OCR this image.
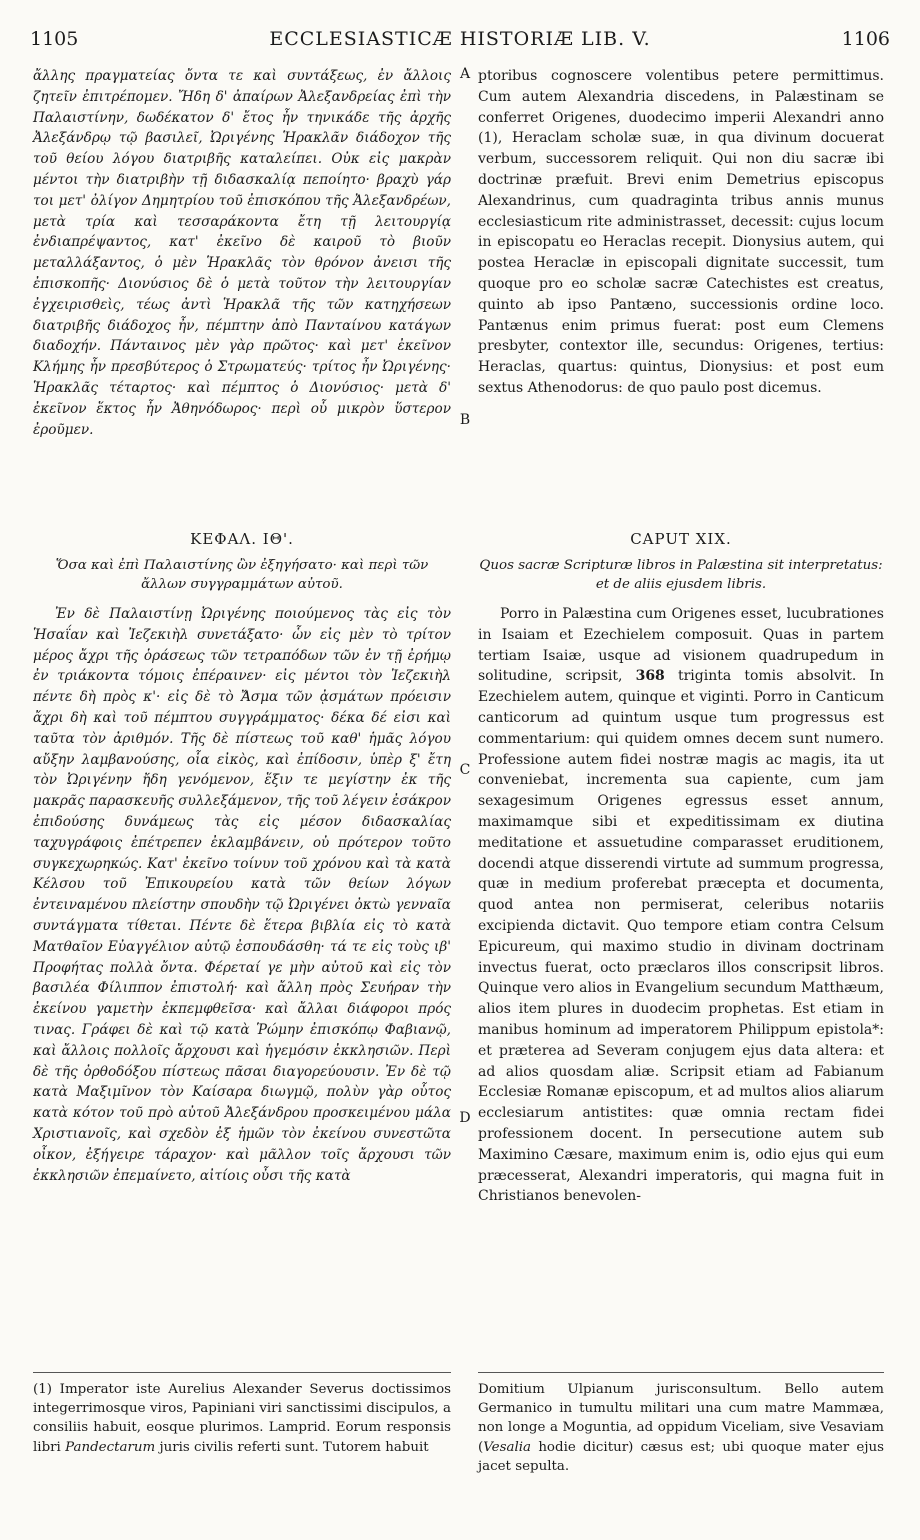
1105	ECCLESIASTICÆ HISTORIÆ LIB. V.	1106

ἄλλης πραγματείας ὄντα τε καὶ συντάξεως, ἐν ἄλλοις ζητεῖν ἐπιτρέπομεν. Ἤδη δ' ἀπαίρων Ἀλεξανδρείας ἐπὶ τὴν Παλαιστίνην, δωδέκατον δ' ἔτος ἦν τηνικάδε τῆς ἀρχῆς Ἀλεξάνδρῳ τῷ βασιλεῖ, Ὠριγένης Ἡρακλᾶν διάδοχον τῆς τοῦ θείου λόγου διατριβῆς καταλείπει. Οὐκ εἰς μακρὰν μέντοι τὴν διατριβὴν τῇ διδασκαλίᾳ πεποίητο· βραχὺ γάρ τοι μετ' ὀλίγον Δημητρίου τοῦ ἐπισκόπου τῆς Ἀλεξανδρέων, μετὰ τρία καὶ τεσσαράκοντα ἔτη τῇ λειτουργίᾳ ἐνδιαπρέψαντος, κατ' ἐκεῖνο δὲ καιροῦ τὸ βιοῦν μεταλλάξαντος, ὁ μὲν Ἡρακλᾶς τὸν θρόνον ἀνεισι τῆς ἐπισκοπῆς· Διονύσιος δὲ ὁ μετὰ τοῦτον τὴν λειτουργίαν ἐγχειρισθεὶς, τέως ἀντὶ Ἡρακλᾶ τῆς τῶν κατηχήσεων διατριβῆς διάδοχος ἦν, πέμπτην ἀπὸ Πανταίνου κατάγων διαδοχήν. Πάνταινος μὲν γὰρ πρῶτος· καὶ μετ' ἐκεῖνον Κλήμης ἦν πρεσβύτερος ὁ Στρωματεύς· τρίτος ἦν Ὠριγένης· Ἡρακλᾶς τέταρτος· καὶ πέμπτος ὁ Διονύσιος· μετὰ δ' ἐκεῖνον ἕκτος ἦν Ἀθηνόδωρος· περὶ οὗ μικρὸν ὕστερον ἐροῦμεν.

ptoribus cognoscere volentibus petere permittimus. Cum autem Alexandria discedens, in Palæstinam se conferret Origenes, duodecimo imperii Alexandri anno (1), Heraclam scholæ suæ, in qua divinum docuerat verbum, successorem reliquit. Qui non diu sacræ ibi doctrinæ præfuit. Brevi enim Demetrius episcopus Alexandrinus, cum quadraginta tribus annis munus ecclesiasticum rite administrasset, decessit: cujus locum in episcopatu eo Heraclas recepit. Dionysius autem, qui postea Heraclæ in episcopali dignitate successit, tum quoque pro eo scholæ sacræ Catechistes est creatus, quinto ab ipso Pantæno, successionis ordine loco. Pantænus enim primus fuerat: post eum Clemens presbyter, contextor ille, secundus: Origenes, tertius: Heraclas, quartus: quintus, Dionysius: et post eum sextus Athenodorus: de quo paulo post dicemus.

A
B
C
D
ΚΕΦΑΛ. ΙΘ'.
Ὅσα καὶ ἐπὶ Παλαιστίνης ὢν ἐξηγήσατο· καὶ περὶ τῶν ἄλλων συγγραμμάτων αὐτοῦ.
CAPUT XIX.
Quos sacræ Scripturæ libros in Palæstina sit interpretatus: et de aliis ejusdem libris.

Ἐν δὲ Παλαιστίνῃ Ὠριγένης ποιούμενος τὰς εἰς τὸν Ἡσαΐαν καὶ Ἰεζεκιὴλ συνετάξατο· ὧν εἰς μὲν τὸ τρίτον μέρος ἄχρι τῆς ὁράσεως τῶν τετραπόδων τῶν ἐν τῇ ἐρήμῳ ἐν τριάκοντα τόμοις ἐπέραινεν· εἰς μέντοι τὸν Ἰεζεκιὴλ πέντε δὴ πρὸς κ'· εἰς δὲ τὸ Ἄσμα τῶν ᾀσμάτων πρόεισιν ἄχρι δὴ καὶ τοῦ πέμπτου συγγράμματος· δέκα δέ εἰσι καὶ ταῦτα τὸν ἀριθμόν. Τῆς δὲ πίστεως τοῦ καθ' ἡμᾶς λόγου αὔξην λαμβανούσης, οἷα εἰκὸς, καὶ ἐπίδοσιν, ὑπὲρ ξ' ἔτη τὸν Ὠριγένην ἤδη γενόμενον, ἕξιν τε μεγίστην ἐκ τῆς μακρᾶς παρασκευῆς συλλεξάμενον, τῆς τοῦ λέγειν ἐσάκρον ἐπιδούσης δυνάμεως τὰς εἰς μέσον διδασκαλίας ταχυγράφοις ἐπέτρεπεν ἐκλαμβάνειν, οὐ πρότερον τοῦτο συγκεχωρηκώς. Κατ' ἐκεῖνο τοίνυν τοῦ χρόνου καὶ τὰ κατὰ Κέλσου τοῦ Ἐπικουρείου κατὰ τῶν θείων λόγων ἐντειναμένου πλείστην σπουδὴν τῷ Ὠριγένει ὀκτὼ γενναῖα συντάγματα τίθεται. Πέντε δὲ ἕτερα βιβλία εἰς τὸ κατὰ Ματθαῖον Εὐαγγέλιον αὐτῷ ἐσπουδάσθη· τά τε εἰς τοὺς ιβ' Προφήτας πολλὰ ὄντα. Φέρεταί γε μὴν αὐτοῦ καὶ εἰς τὸν βασιλέα Φίλιππον ἐπιστολή· καὶ ἄλλη πρὸς Σευήραν τὴν ἐκείνου γαμετὴν ἐκπεμφθεῖσα· καὶ ἄλλαι διάφοροι πρός τινας. Γράφει δὲ καὶ τῷ κατὰ Ῥώμην ἐπισκόπῳ Φαβιανῷ, καὶ ἄλλοις πολλοῖς ἄρχουσι καὶ ἡγεμόσιν ἐκκλησιῶν. Περὶ δὲ τῆς ὀρθοδόξου πίστεως πᾶσαι διαγορεύουσιν. Ἐν δὲ τῷ κατὰ Μαξιμῖνον τὸν Καίσαρα διωγμῷ, πολὺν γὰρ οὗτος κατὰ κότον τοῦ πρὸ αὐτοῦ Ἀλεξάνδρου προσκειμένου μάλα Χριστιανοῖς, καὶ σχεδὸν ἐξ ἡμῶν τὸν ἐκείνου συνεστῶτα οἶκον, ἐξήγειρε τάραχον· καὶ μᾶλλον τοῖς ἄρχουσι τῶν ἐκκλησιῶν ἐπεμαίνετο, αἰτίοις οὖσι τῆς κατὰ

Porro in Palæstina cum Origenes esset, lucubrationes in Isaiam et Ezechielem composuit. Quas in partem tertiam Isaiæ, usque ad visionem quadrupedum in solitudine, scripsit, 368 triginta tomis absolvit. In Ezechielem autem, quinque et viginti. Porro in Canticum canticorum ad quintum usque tum progressus est commentarium: qui quidem omnes decem sunt numero. Professione autem fidei nostræ magis ac magis, ita ut conveniebat, incrementa sua capiente, cum jam sexagesimum Origenes egressus esset annum, maximamque sibi et expeditissimam ex diutina meditatione et assuetudine comparasset eruditionem, docendi atque disserendi virtute ad summum progressa, quæ in medium proferebat præcepta et documenta, quod antea non permiserat, celeribus notariis excipienda dictavit. Quo tempore etiam contra Celsum Epicureum, qui maximo studio in divinam doctrinam invectus fuerat, octo præclaros illos conscripsit libros. Quinque vero alios in Evangelium secundum Matthæum, alios item plures in duodecim prophetas. Est etiam in manibus hominum ad imperatorem Philippum epistola*: et præterea ad Severam conjugem ejus data altera: et ad alios quosdam aliæ. Scripsit etiam ad Fabianum Ecclesiæ Romanæ episcopum, et ad multos alios aliarum ecclesiarum antistites: quæ omnia rectam fidei professionem docent. In persecutione autem sub Maximino Cæsare, maximum enim is, odio ejus qui eum præcesserat, Alexandri imperatoris, qui magna fuit in Christianos benevolen-

(1) Imperator iste Aurelius Alexander Severus doctissimos integerrimosque viros, Papiniani viri sanctissimi discipulos, a consiliis habuit, eosque plurimos. Lamprid. Eorum responsis libri Pandectarum juris civilis referti sunt. Tutorem habuit

Domitium Ulpianum jurisconsultum. Bello autem Germanico in tumultu militari una cum matre Mammæa, non longe a Moguntia, ad oppidum Viceliam, sive Vesaviam (Vesalia hodie dicitur) cæsus est; ubi quoque mater ejus jacet sepulta.
